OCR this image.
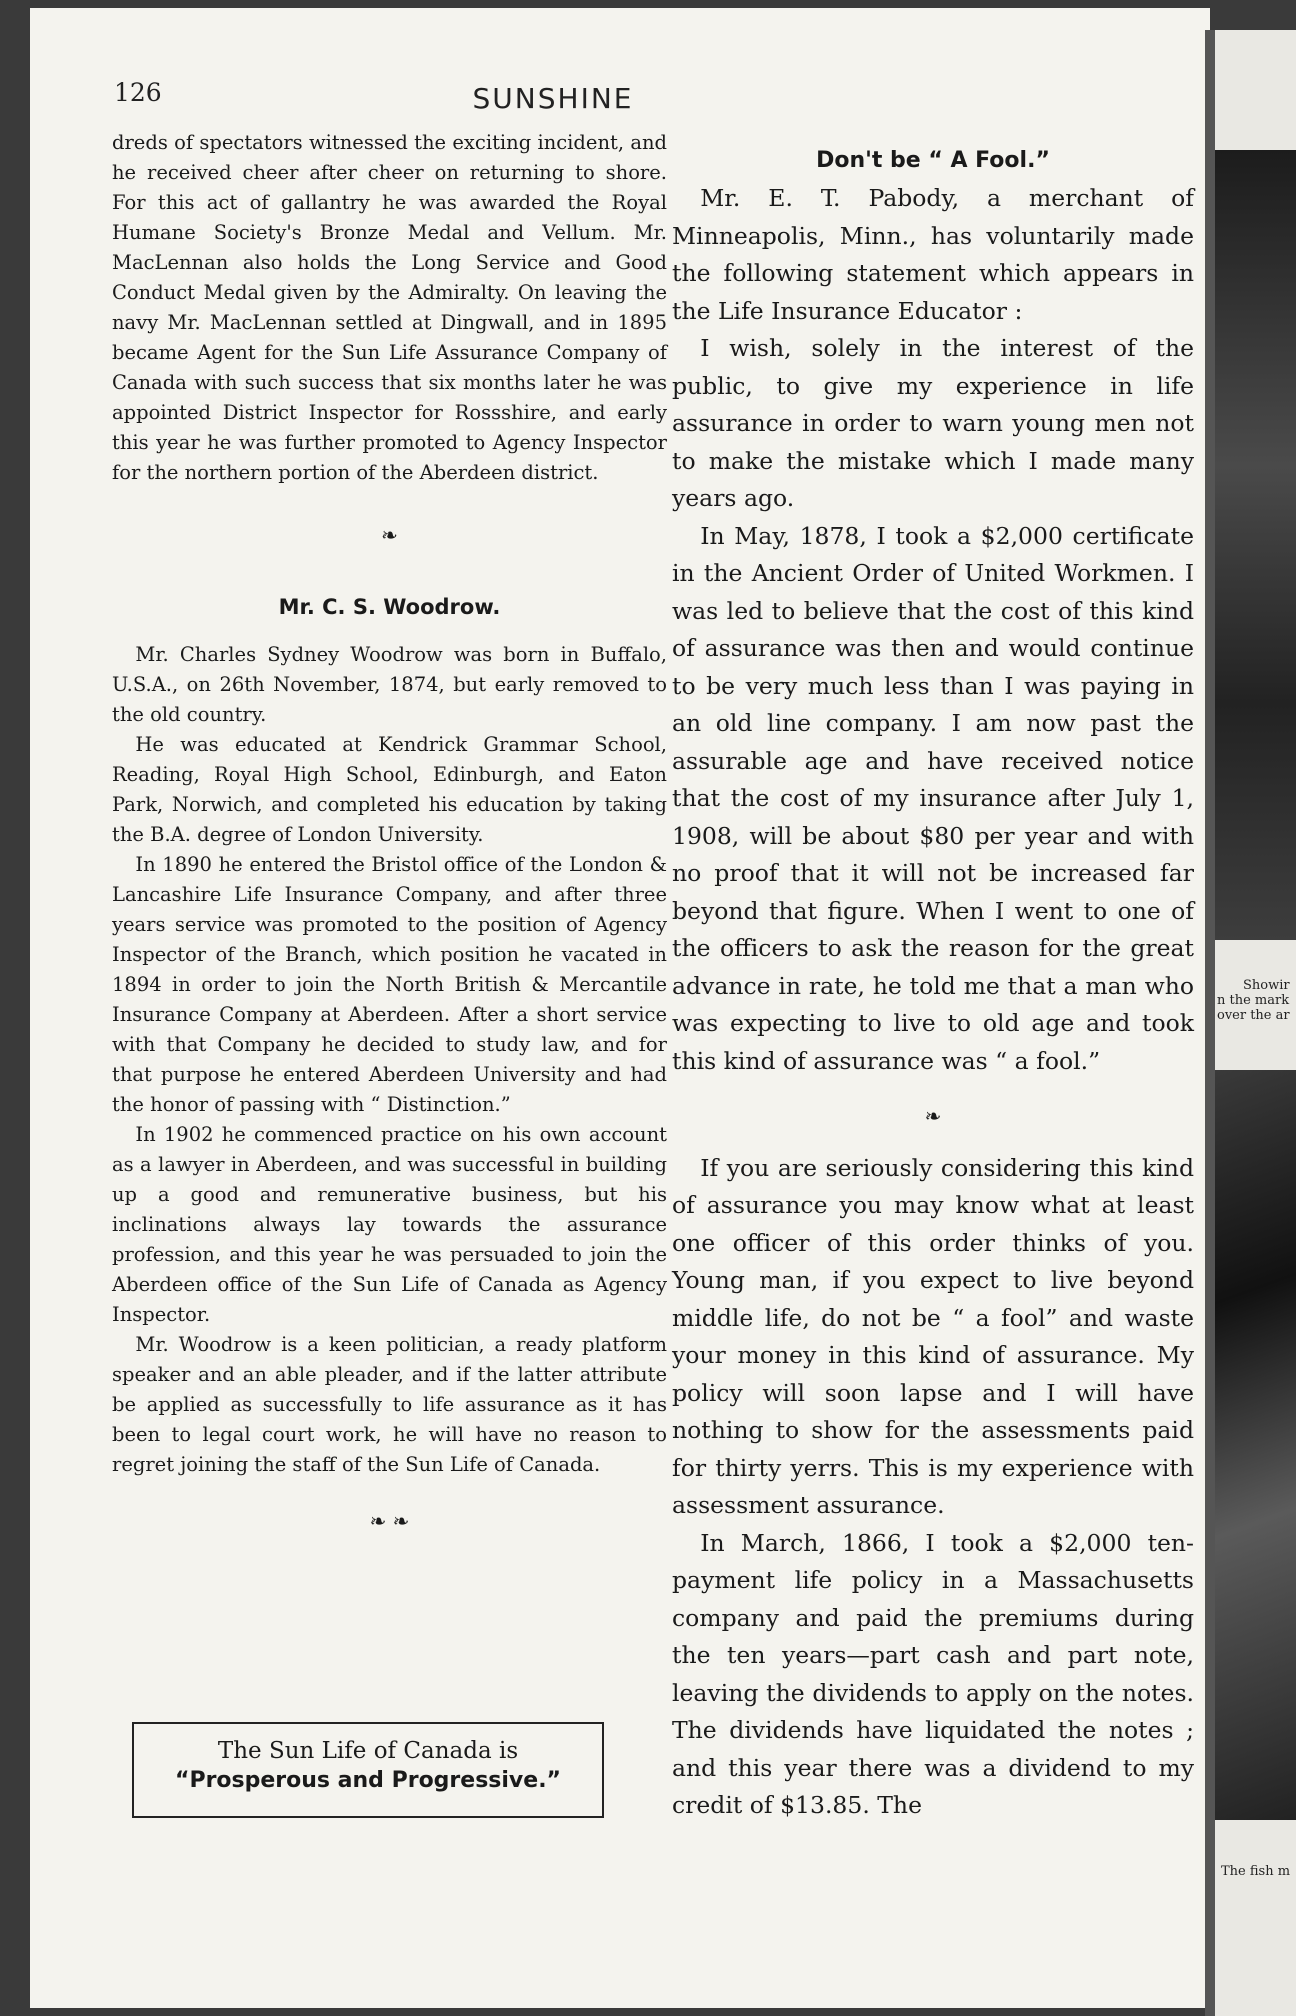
Showir
n the mark
over the ar
The fish m
126	SUNSHINE

dreds of spectators witnessed the exciting incident, and he received cheer after cheer on returning to shore. For this act of gallantry he was awarded the Royal Humane Society's Bronze Medal and Vellum. Mr. MacLennan also holds the Long Service and Good Conduct Medal given by the Admiralty. On leaving the navy Mr. MacLennan settled at Dingwall, and in 1895 became Agent for the Sun Life Assurance Company of Canada with such success that six months later he was appointed District Inspector for Rossshire, and early this year he was further promoted to Agency Inspector for the northern portion of the Aberdeen district.

❧

Mr. C. S. Woodrow.

Mr. Charles Sydney Woodrow was born in Buffalo, U.S.A., on 26th November, 1874, but early removed to the old country.

He was educated at Kendrick Grammar School, Reading, Royal High School, Edinburgh, and Eaton Park, Norwich, and completed his education by taking the B.A. degree of London University.

In 1890 he entered the Bristol office of the London & Lancashire Life Insurance Company, and after three years service was promoted to the position of Agency Inspector of the Branch, which position he vacated in 1894 in order to join the North British & Mercantile Insurance Company at Aberdeen. After a short service with that Company he decided to study law, and for that purpose he entered Aberdeen University and had the honor of passing with “ Distinction.”

In 1902 he commenced practice on his own account as a lawyer in Aberdeen, and was successful in building up a good and remunerative business, but his inclinations always lay towards the assurance profession, and this year he was persuaded to join the Aberdeen office of the Sun Life of Canada as Agency Inspector.

Mr. Woodrow is a keen politician, a ready platform speaker and an able pleader, and if the latter attribute be applied as successfully to life assurance as it has been to legal court work, he will have no reason to regret joining the staff of the Sun Life of Canada.

❧ ❧

The Sun Life of Canada is
“Prosperous and Progressive.”
Don't be “ A Fool.”

Mr. E. T. Pabody, a merchant of Minneapolis, Minn., has voluntarily made the following statement which appears in the Life Insurance Educator :

I wish, solely in the interest of the public, to give my experience in life assurance in order to warn young men not to make the mistake which I made many years ago.

In May, 1878, I took a $2,000 certificate in the Ancient Order of United Workmen. I was led to believe that the cost of this kind of assurance was then and would continue to be very much less than I was paying in an old line company. I am now past the assurable age and have received notice that the cost of my insurance after July 1, 1908, will be about $80 per year and with no proof that it will not be increased far beyond that figure. When I went to one of the officers to ask the reason for the great advance in rate, he told me that a man who was expecting to live to old age and took this kind of assurance was “ a fool.”

❧

If you are seriously considering this kind of assurance you may know what at least one officer of this order thinks of you. Young man, if you expect to live beyond middle life, do not be “ a fool” and waste your money in this kind of assurance. My policy will soon lapse and I will have nothing to show for the assessments paid for thirty yerrs. This is my experience with assessment assurance.

In March, 1866, I took a $2,000 ten-payment life policy in a Massachusetts company and paid the premiums during the ten years—part cash and part note, leaving the dividends to apply on the notes. The dividends have liquidated the notes ; and this year there was a dividend to my credit of $13.85. The
